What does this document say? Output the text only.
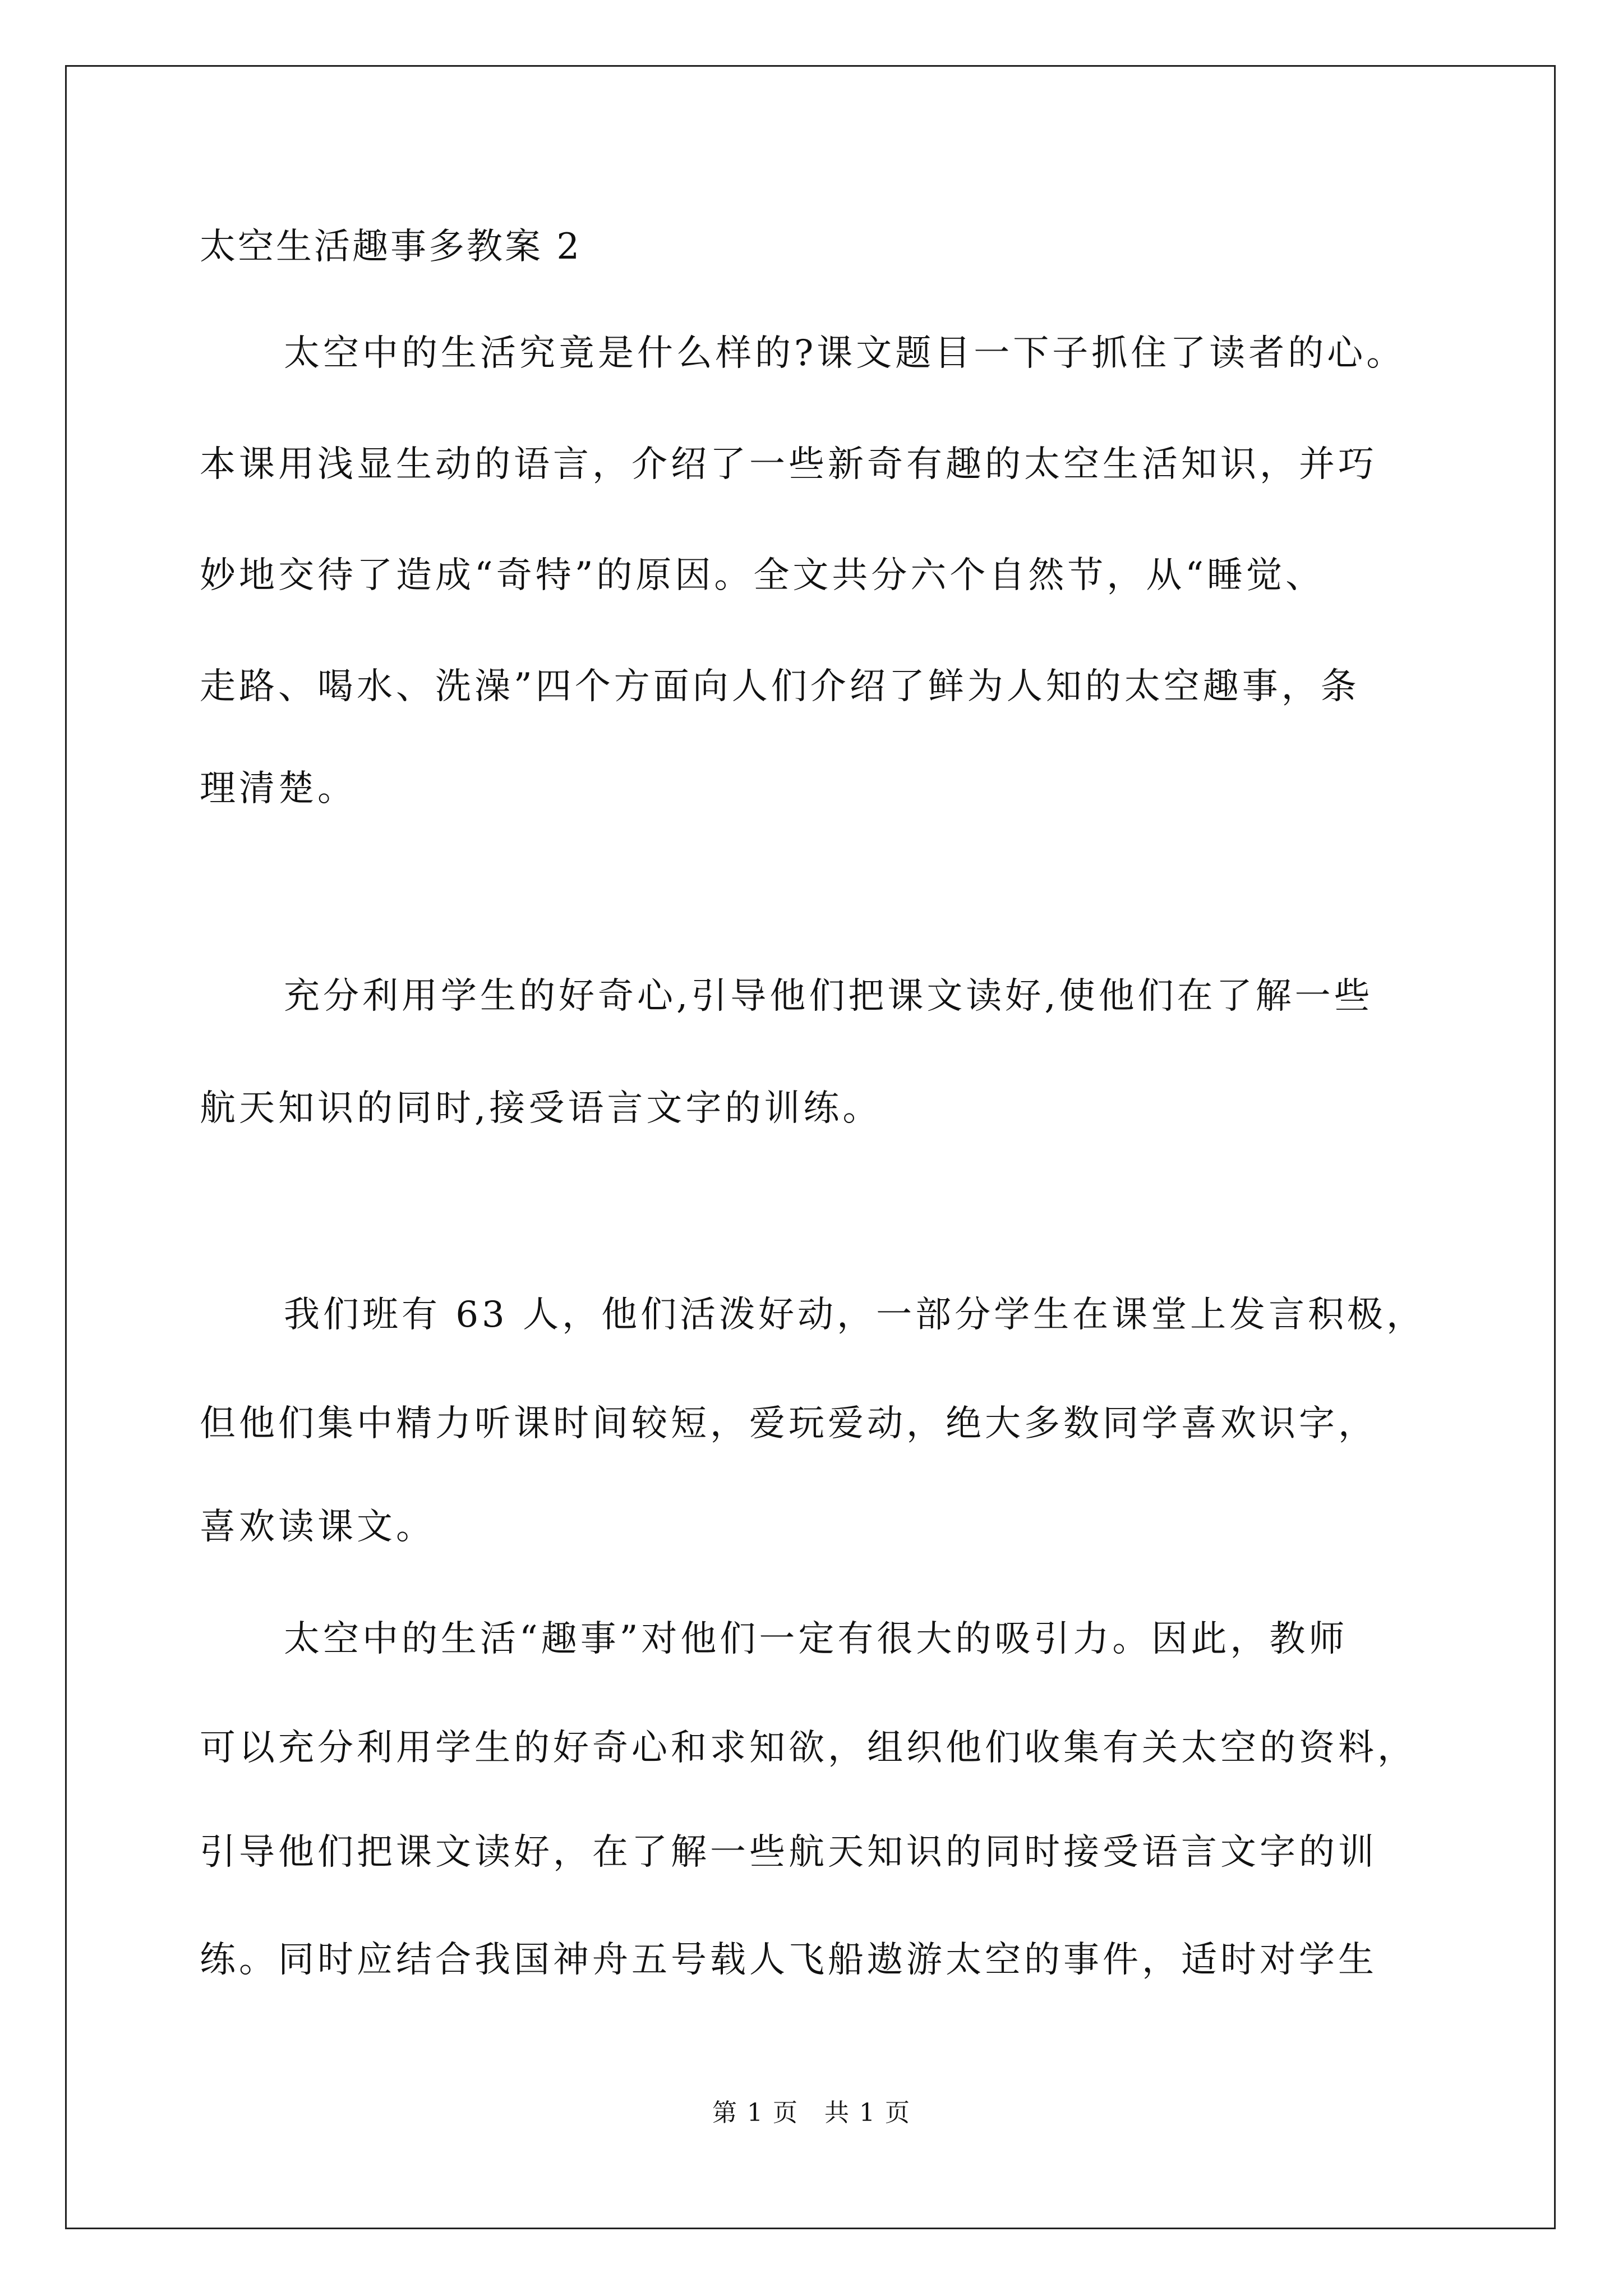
太空生活趣事多教案 2
太空中的生活究竟是什么样的?课文题目一下子抓住了读者的心。
本课用浅显生动的语言，介绍了一些新奇有趣的太空生活知识，并巧
妙地交待了造成“奇特”的原因。全文共分六个自然节，从“睡觉、
走路、喝水、洗澡”四个方面向人们介绍了鲜为人知的太空趣事，条
理清楚。
充分利用学生的好奇心,引导他们把课文读好,使他们在了解一些
航天知识的同时,接受语言文字的训练。
我们班有 63 人，他们活泼好动，一部分学生在课堂上发言积极，
但他们集中精力听课时间较短，爱玩爱动，绝大多数同学喜欢识字，
喜欢读课文。
太空中的生活“趣事”对他们一定有很大的吸引力。因此，教师
可以充分利用学生的好奇心和求知欲，组织他们收集有关太空的资料，
引导他们把课文读好，在了解一些航天知识的同时接受语言文字的训
练。同时应结合我国神舟五号载人飞船遨游太空的事件，适时对学生
第 1 页　共 1 页
